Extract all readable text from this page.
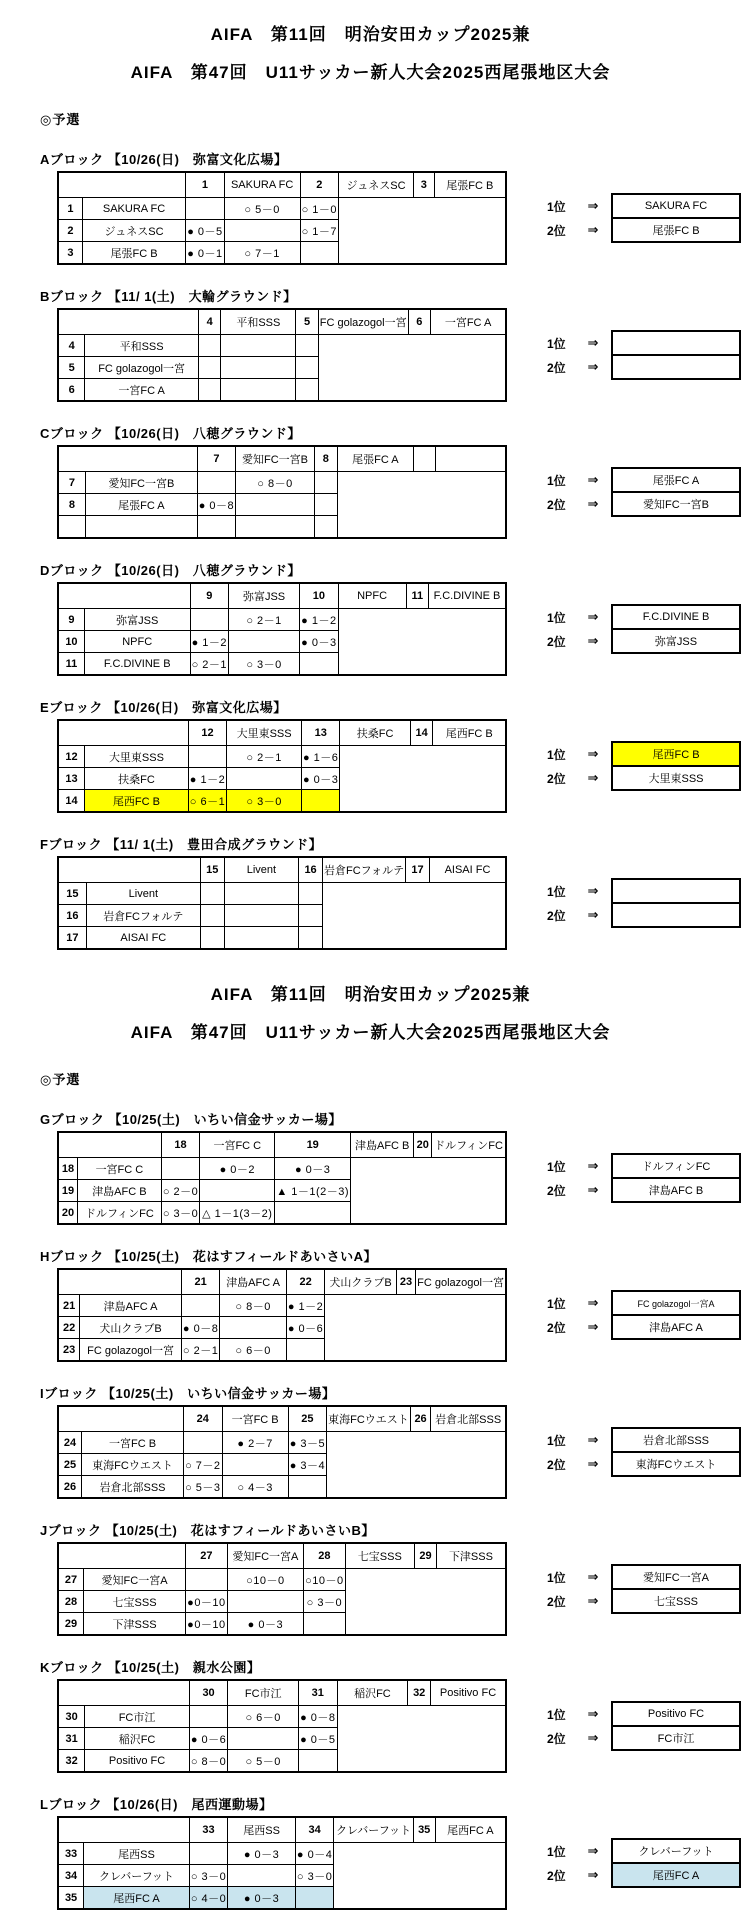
AIFA　第11回　明治安田カップ2025兼
AIFA　第47回　U11サッカー新人大会2025西尾張地区大会
◎予選
Aブロック 【10/26(日)　弥富文化広場】
		1	SAKURA FC	2	ジュネスSC	3	尾張FC B
1	SAKURA FC		○ 5－0	○ 1－0			
2	ジュネスSC	● 0－5		○ 1－7			
3	尾張FC B	● 0－1	○ 7－1				
1位	⇒	SAKURA FC
2位	⇒	尾張FC B
Bブロック 【11/ 1(土)　大輪グラウンド】
		4	平和SSS	5	FC golazogol一宮	6	一宮FC A
4	平和SSS						
5	FC golazogol一宮						
6	一宮FC A						
1位	⇒
2位	⇒
Cブロック 【10/26(日)　八穂グラウンド】
		7	愛知FC一宮B	8	尾張FC A		
7	愛知FC一宮B		○ 8－0				
8	尾張FC A	● 0－8					

1位	⇒	尾張FC A
2位	⇒	愛知FC一宮B
Dブロック 【10/26(日)　八穂グラウンド】
		9	弥富JSS	10	NPFC	11	F.C.DIVINE B
9	弥富JSS		○ 2－1	● 1－2			
10	NPFC	● 1－2		● 0－3			
11	F.C.DIVINE B	○ 2－1	○ 3－0				
1位	⇒	F.C.DIVINE B
2位	⇒	弥富JSS
Eブロック 【10/26(日)　弥富文化広場】
		12	大里東SSS	13	扶桑FC	14	尾西FC B
12	大里東SSS		○ 2－1	● 1－6			
13	扶桑FC	● 1－2		● 0－3			
14	尾西FC B	○ 6－1	○ 3－0				
1位	⇒	尾西FC B
2位	⇒	大里東SSS
Fブロック 【11/ 1(土)　豊田合成グラウンド】
		15	Livent	16	岩倉FCフォルテ	17	AISAI FC
15	Livent						
16	岩倉FCフォルテ						
17	AISAI FC						
1位	⇒
2位	⇒
AIFA　第11回　明治安田カップ2025兼
AIFA　第47回　U11サッカー新人大会2025西尾張地区大会
◎予選
Gブロック 【10/25(土)　いちい信金サッカー場】
		18	一宮FC C	19	津島AFC B	20	ドルフィンFC
18	一宮FC C		● 0－2	● 0－3			
19	津島AFC B	○ 2－0		▲ 1－1(2－3)			
20	ドルフィンFC	○ 3－0	△ 1－1(3－2)				
1位	⇒	ドルフィンFC
2位	⇒	津島AFC B
Hブロック 【10/25(土)　花はすフィールドあいさいA】
		21	津島AFC A	22	犬山クラブB	23	FC golazogol一宮
21	津島AFC A		○ 8－0	● 1－2			
22	犬山クラブB	● 0－8		● 0－6			
23	FC golazogol一宮	○ 2－1	○ 6－0				
1位	⇒	FC golazogol一宮A
2位	⇒	津島AFC A
Iブロック 【10/25(土)　いちい信金サッカー場】
		24	一宮FC B	25	東海FCウエスト	26	岩倉北部SSS
24	一宮FC B		● 2－7	● 3－5			
25	東海FCウエスト	○ 7－2		● 3－4			
26	岩倉北部SSS	○ 5－3	○ 4－3				
1位	⇒	岩倉北部SSS
2位	⇒	東海FCウエスト
Jブロック 【10/25(土)　花はすフィールドあいさいB】
		27	愛知FC一宮A	28	七宝SSS	29	下津SSS
27	愛知FC一宮A		○10－0	○10－0			
28	七宝SSS	●0－10		○ 3－0			
29	下津SSS	●0－10	● 0－3				
1位	⇒	愛知FC一宮A
2位	⇒	七宝SSS
Kブロック 【10/25(土)　親水公園】
		30	FC市江	31	稲沢FC	32	Positivo FC
30	FC市江		○ 6－0	● 0－8			
31	稲沢FC	● 0－6		● 0－5			
32	Positivo FC	○ 8－0	○ 5－0				
1位	⇒	Positivo FC
2位	⇒	FC市江
Lブロック 【10/26(日)　尾西運動場】
		33	尾西SS	34	クレバーフット	35	尾西FC A
33	尾西SS		● 0－3	● 0－4			
34	クレバーフット	○ 3－0		○ 3－0			
35	尾西FC A	○ 4－0	● 0－3				
1位	⇒	クレバーフット
2位	⇒	尾西FC A
